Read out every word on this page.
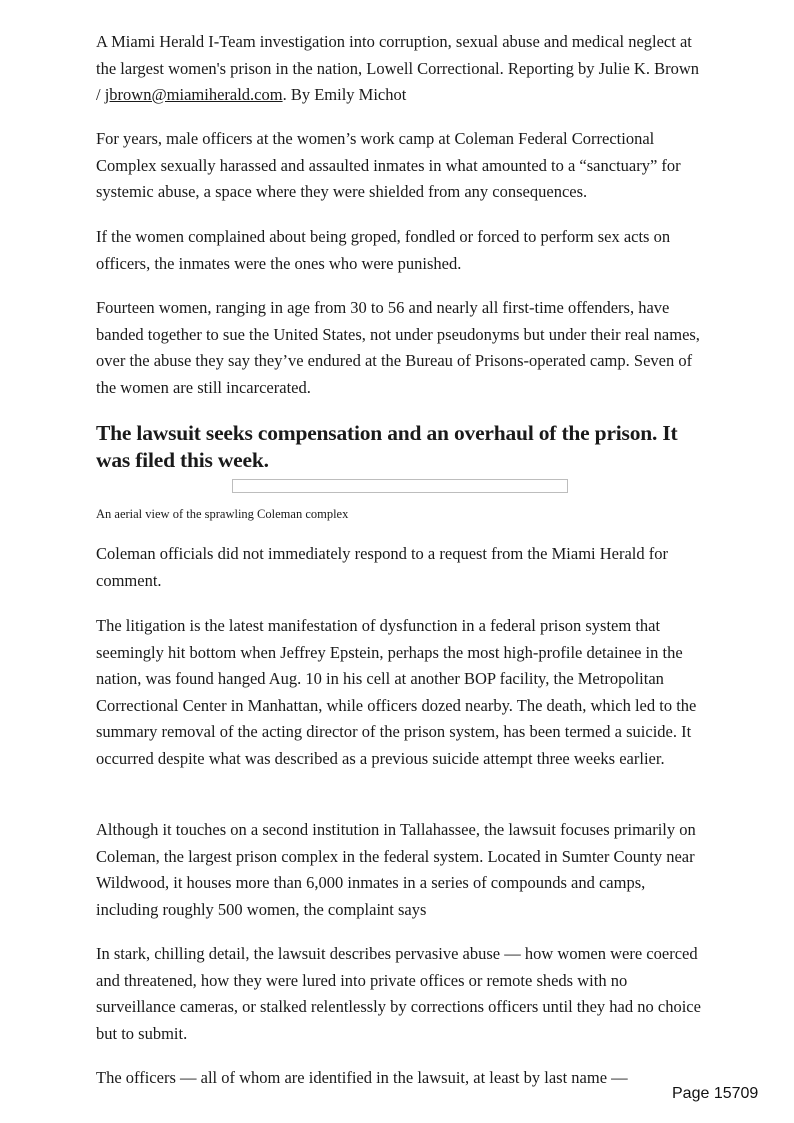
A Miami Herald I-Team investigation into corruption, sexual abuse and medical neglect at the largest women's prison in the nation, Lowell Correctional. Reporting by Julie K. Brown / jbrown@miamiherald.com. By Emily Michot

For years, male officers at the women’s work camp at Coleman Federal Correctional Complex sexually harassed and assaulted inmates in what amounted to a “sanctuary” for systemic abuse, a space where they were shielded from any consequences.

If the women complained about being groped, fondled or forced to perform sex acts on officers, the inmates were the ones who were punished.

Fourteen women, ranging in age from 30 to 56 and nearly all first-time offenders, have banded together to sue the United States, not under pseudonyms but under their real names, over the abuse they say they’ve endured at the Bureau of Prisons-operated camp. Seven of the women are still incarcerated.

The lawsuit seeks compensation and an overhaul of the prison. It was filed this week.

Coleman officials did not immediately respond to a request from the Miami Herald for comment.

The litigation is the latest manifestation of dysfunction in a federal prison system that seemingly hit bottom when Jeffrey Epstein, perhaps the most high-profile detainee in the nation, was found hanged Aug. 10 in his cell at another BOP facility, the Metropolitan Correctional Center in Manhattan, while officers dozed nearby. The death, which led to the summary removal of the acting director of the prison system, has been termed a suicide. It occurred despite what was described as a previous suicide attempt three weeks earlier.

Although it touches on a second institution in Tallahassee, the lawsuit focuses primarily on Coleman, the largest prison complex in the federal system. Located in Sumter County near Wildwood, it houses more than 6,000 inmates in a series of compounds and camps, including roughly 500 women, the complaint says

In stark, chilling detail, the lawsuit describes pervasive abuse — how women were coerced and threatened, how they were lured into private offices or remote sheds with no surveillance cameras, or stalked relentlessly by corrections officers until they had no choice but to submit.

The officers — all of whom are identified in the lawsuit, at least by last name —

An aerial view of the sprawling Coleman complex
Page 15709
